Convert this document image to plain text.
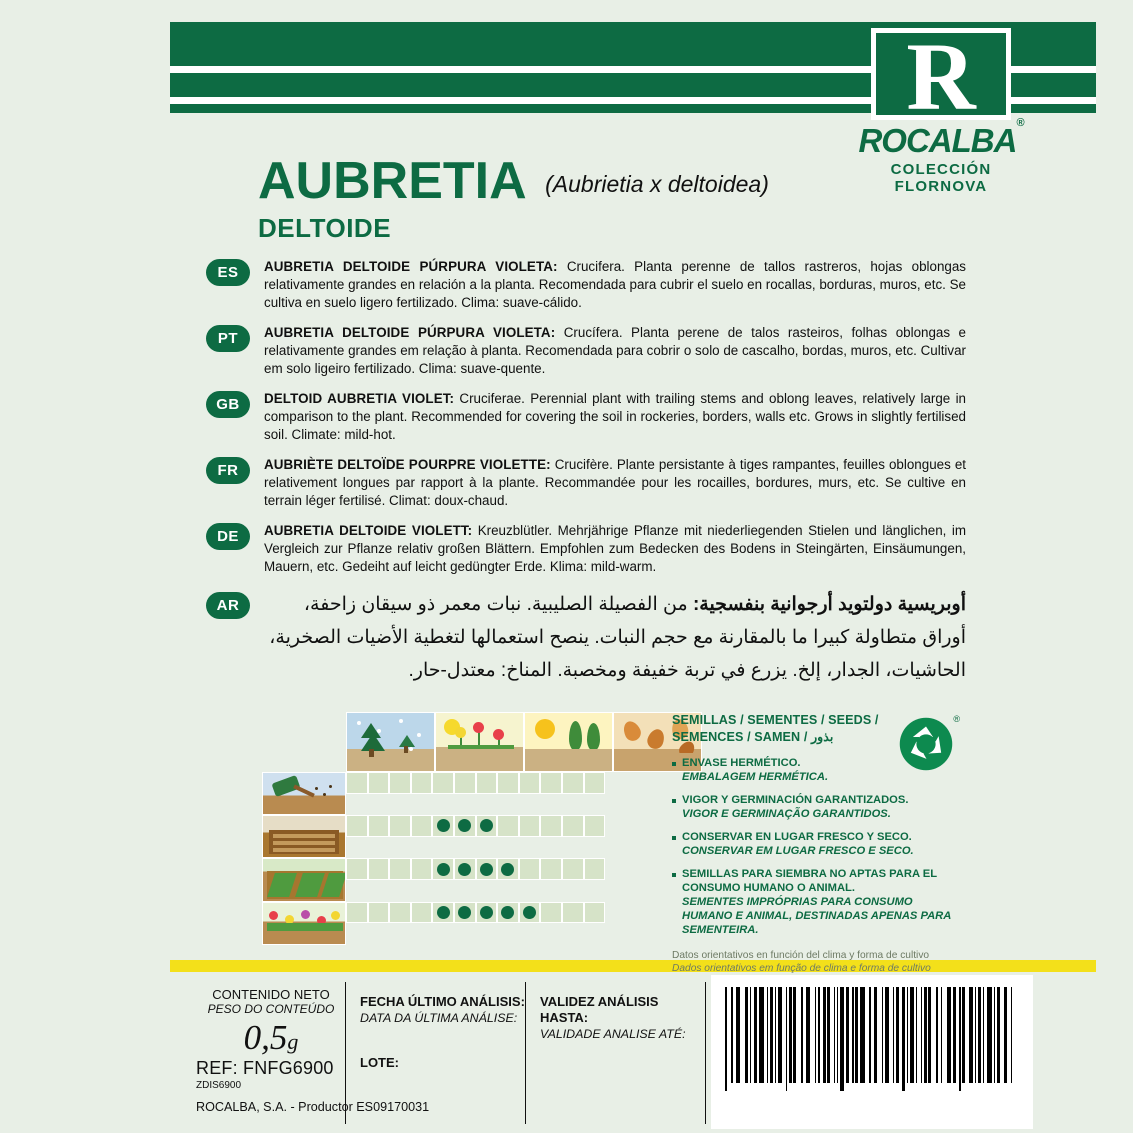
R
ROCALBA®
COLECCIÓN
FLORNOVA
AUBRETIA (Aubrietia x deltoidea)
DELTOIDE
ES	AUBRETIA DELTOIDE PÚRPURA VIOLETA: Crucifera. Planta perenne de tallos rastreros, hojas oblongas relativamente grandes en relación a la planta. Recomendada para cubrir el suelo en rocallas, borduras, muros, etc. Se cultiva en suelo ligero fertilizado. Clima: suave-cálido.
PT	AUBRETIA DELTOIDE PÚRPURA VIOLETA: Crucífera. Planta perene de talos rasteiros, folhas oblongas e relativamente grandes em relação à planta. Recomendada para cobrir o solo de cascalho, bordas, muros, etc. Cultivar em solo ligeiro fertilizado. Clima: suave-quente.
GB	DELTOID AUBRETIA VIOLET: Cruciferae. Perennial plant with trailing stems and oblong leaves, relatively large in comparison to the plant. Recommended for covering the soil in rockeries, borders, walls etc. Grows in slightly fertilised soil. Climate: mild-hot.
FR	AUBRIÈTE DELTOÏDE POURPRE VIOLETTE: Crucifère. Plante persistante à tiges rampantes, feuilles oblongues et relativement longues par rapport à la plante. Recommandée pour les rocailles, bordures, murs, etc. Se cultive en terrain léger fertilisé. Climat: doux-chaud.
DE	AUBRETIA DELTOIDE VIOLETT: Kreuzblütler. Mehrjährige Pflanze mit niederliegenden Stielen und länglichen, im Vergleich zur Pflanze relativ großen Blättern. Empfohlen zum Bedecken des Bodens in Steingärten, Einsäumungen, Mauern, etc. Gedeiht auf leicht gedüngter Erde. Klima: mild-warm.
AR	أوبريسية دولتويد أرجوانية بنفسجية: من الفصيلة الصليبية. نبات معمر ذو سيقان زاحفة، أوراق متطاولة كبيرا ما بالمقارنة مع حجم النبات. ينصح استعمالها لتغطية الأضيات الصخرية، الحاشيات، الجدار، إلخ. يزرع في تربة خفيفة ومخصبة. المناخ: معتدل-حار.
SEMILLAS / SEMENTES / SEEDS /
SEMENCES / SAMEN / بذور
®
ENVASE HERMÉTICO.
EMBALAGEM HERMÉTICA.
VIGOR Y GERMINACIÓN GARANTIZADOS.
VIGOR E GERMINAÇÃO GARANTIDOS.
CONSERVAR EN LUGAR FRESCO Y SECO.
CONSERVAR EM LUGAR FRESCO E SECO.
SEMILLAS PARA SIEMBRA NO APTAS PARA EL CONSUMO HUMANO O ANIMAL.
SEMENTES IMPRÓPRIAS PARA CONSUMO HUMANO E ANIMAL, DESTINADAS APENAS PARA SEMENTEIRA.
Datos orientativos en función del clima y forma de cultivo
Dados orientativos em função de clima e forma de cultivo
CONTENIDO NETO
PESO DO CONTEÚDO
0,5g
REF: FNFG6900
ZDIS6900
ROCALBA, S.A. - Productor ES09170031
FECHA ÚLTIMO ANÁLISIS:
DATA DA ÚLTIMA ANÁLISE:
VALIDEZ ANÁLISIS HASTA:
VALIDADE ANALISE ATÉ:
LOTE:
